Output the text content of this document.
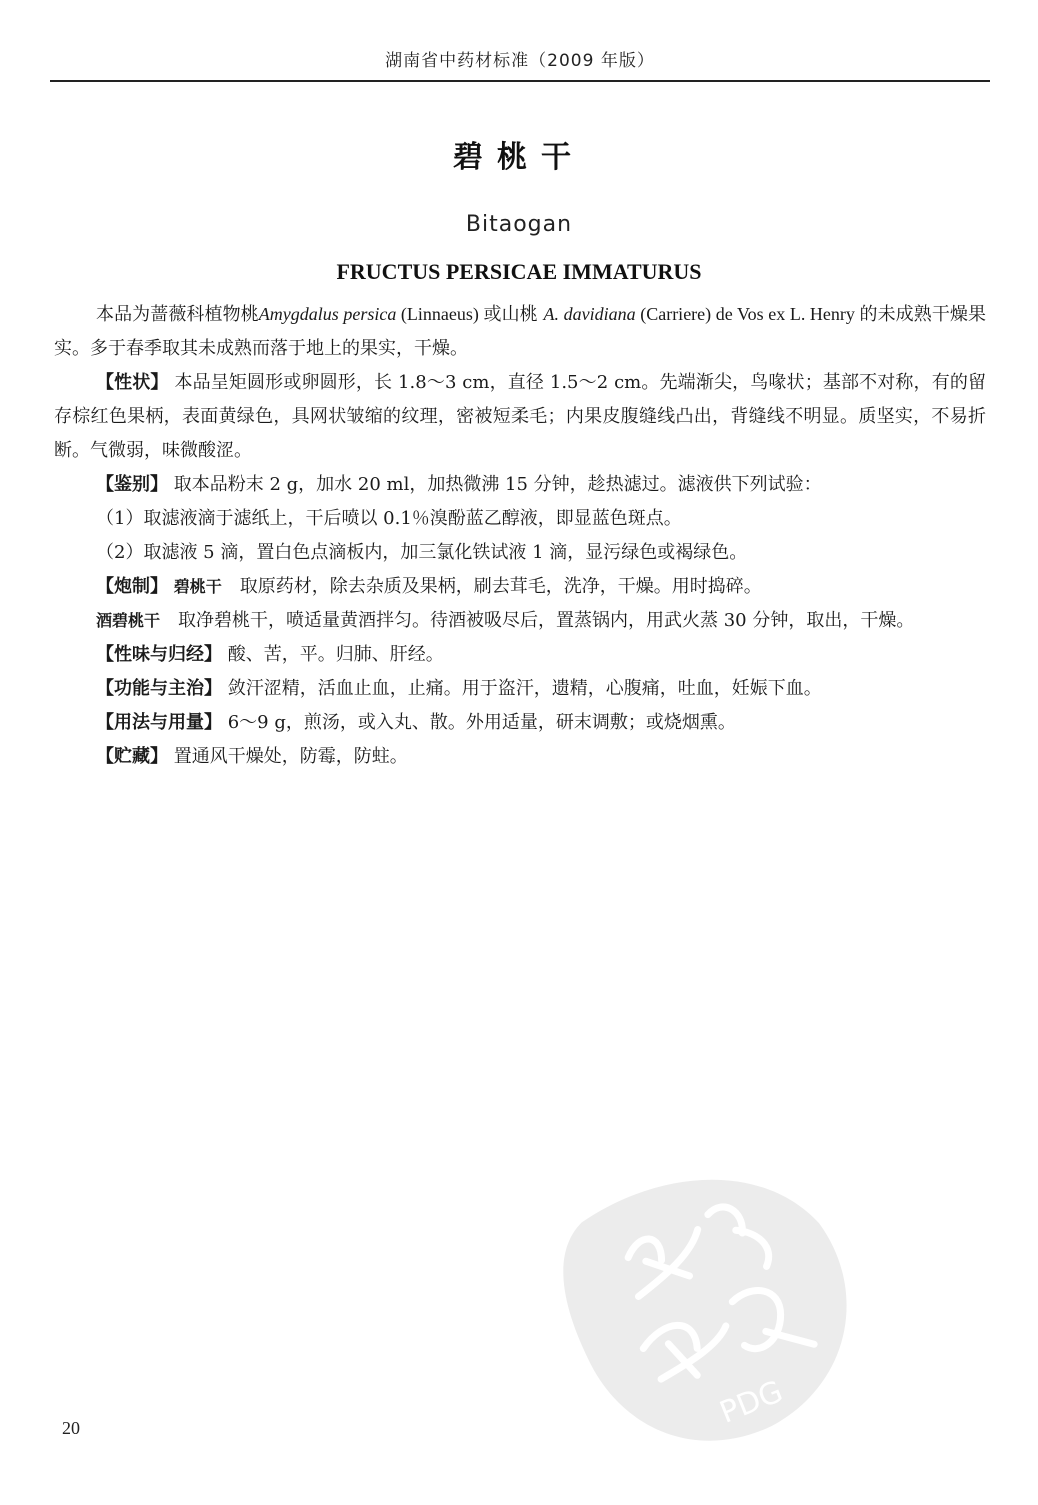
湖南省中药材标准（2009 年版）
碧桃干
Bitaogan
FRUCTUS PERSICAE IMMATURUS

本品为蔷薇科植物桃Amygdalus persica (Linnaeus) 或山桃 A. davidiana (Carriere) de Vos ex L. Henry 的未成熟干燥果实。多于春季取其未成熟而落于地上的果实，干燥。

【性状】 本品呈矩圆形或卵圆形，长 1.8～3 cm，直径 1.5～2 cm。先端渐尖，鸟喙状；基部不对称，有的留存棕红色果柄，表面黄绿色，具网状皱缩的纹理，密被短柔毛；内果皮腹缝线凸出，背缝线不明显。质坚实，不易折断。气微弱，味微酸涩。

【鉴别】 取本品粉末 2 g，加水 20 ml，加热微沸 15 分钟，趁热滤过。滤液供下列试验：

（1）取滤液滴于滤纸上，干后喷以 0.1％溴酚蓝乙醇液，即显蓝色斑点。

（2）取滤液 5 滴，置白色点滴板内，加三氯化铁试液 1 滴，显污绿色或褐绿色。

【炮制】 碧桃干　 取原药材，除去杂质及果柄，刷去茸毛，洗净，干燥。用时捣碎。

酒碧桃干　 取净碧桃干，喷适量黄酒拌匀。待酒被吸尽后，置蒸锅内，用武火蒸 30 分钟，取出，干燥。

【性味与归经】 酸、苦，平。归肺、肝经。

【功能与主治】 敛汗涩精，活血止血，止痛。用于盗汗，遗精，心腹痛，吐血，妊娠下血。

【用法与用量】 6～9 g，煎汤，或入丸、散。外用适量，研末调敷；或烧烟熏。

【贮藏】 置通风干燥处，防霉，防蛀。

20	PDG
